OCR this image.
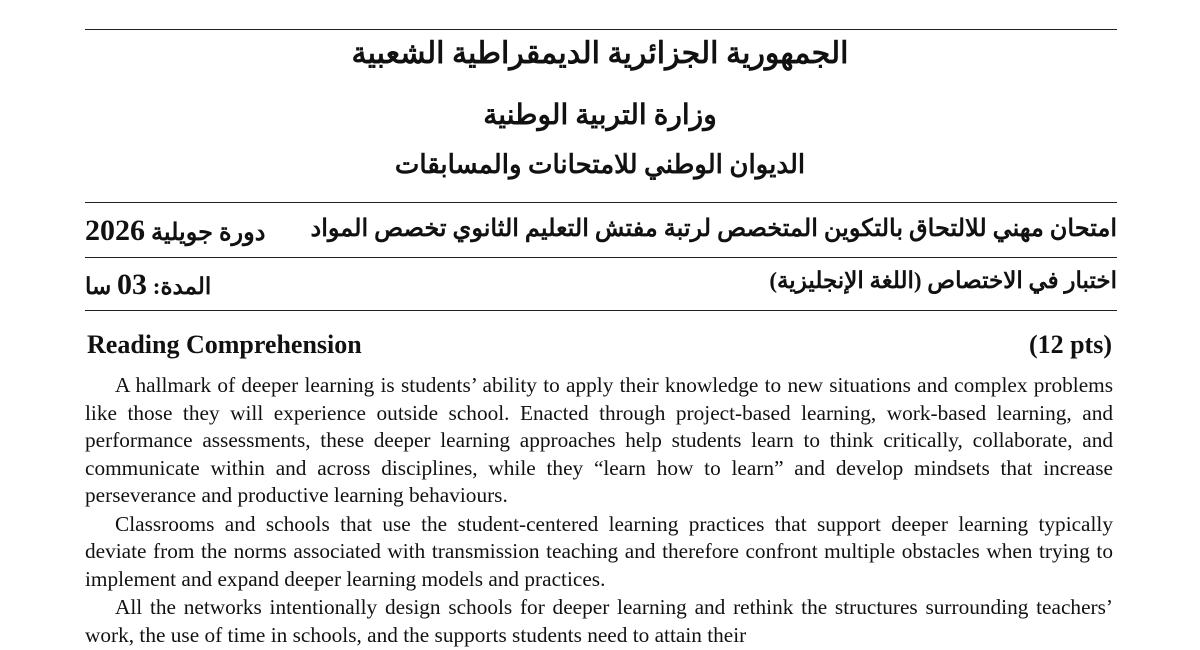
الجمهورية الجزائرية الديمقراطية الشعبية
وزارة التربية الوطنية
الديوان الوطني للامتحانات والمسابقات
امتحان مهني للالتحاق بالتكوين المتخصص لرتبة مفتش التعليم الثانوي تخصص المواد
دورة جويلية 2026
اختبار في الاختصاص (اللغة الإنجليزية)
المدة: 03 سا
Reading Comprehension	(12 pts)

A hallmark of deeper learning is students’ ability to apply their knowledge to new situations and complex problems like those they will experience outside school. Enacted through project-based learning, work-based learning, and performance assessments, these deeper learning approaches help students learn to think critically, collaborate, and communicate within and across disciplines, while they “learn how to learn” and develop mindsets that increase perseverance and productive learning behaviours.

Classrooms and schools that use the student-centered learning practices that support deeper learning typically deviate from the norms associated with transmission teaching and therefore confront multiple obstacles when trying to implement and expand deeper learning models and practices.

All the networks intentionally design schools for deeper learning and rethink the structures surrounding teachers’ work, the use of time in schools, and the supports students need to attain their
